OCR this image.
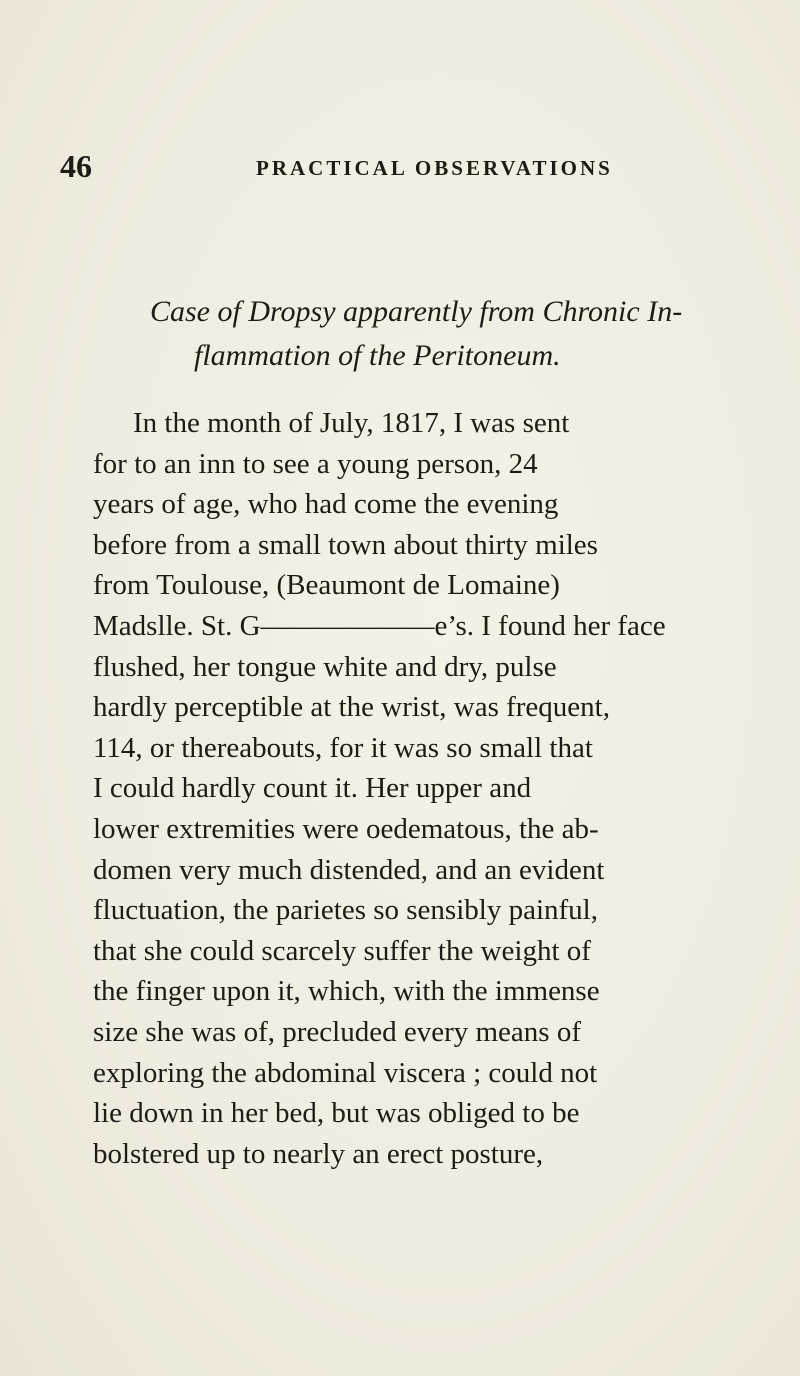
46	PRACTICAL OBSERVATIONS
Case of Dropsy apparently from Chronic In-
flammation of the Peritoneum.
In the month of July, 1817, I was sent
for to an inn to see a young person, 24
years of age, who had come the evening
before from a small town about thirty miles
from Toulouse, (Beaumont de Lomaine)
Madslle. St. G——————e’s. I found her face
flushed, her tongue white and dry, pulse
hardly perceptible at the wrist, was frequent,
114, or thereabouts, for it was so small that
I could hardly count it. Her upper and
lower extremities were oedematous, the ab-
domen very much distended, and an evident
fluctuation, the parietes so sensibly painful,
that she could scarcely suffer the weight of
the finger upon it, which, with the immense
size she was of, precluded every means of
exploring the abdominal viscera ; could not
lie down in her bed, but was obliged to be
bolstered up to nearly an erect posture,
